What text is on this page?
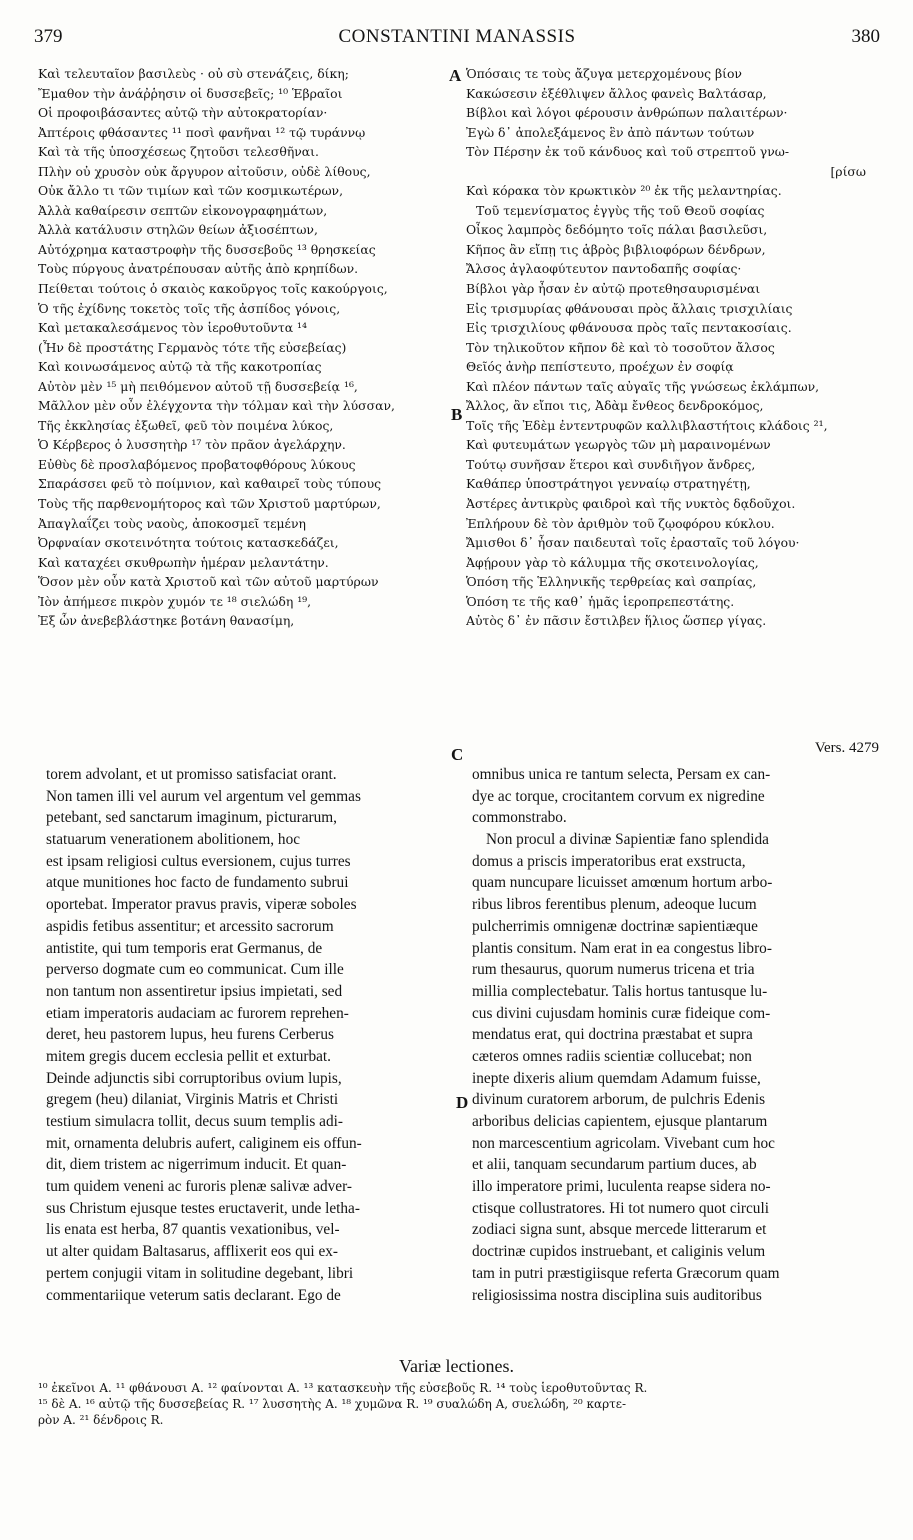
379	CONSTANTINI MANASSIS	380
A
B
C
D
Καὶ τελευταῖον βασιλεὺς · οὐ σὺ στενάζεις, δίκη;
Ἔμαθον τὴν ἀνάῤῥησιν οἱ δυσσεβεῖς; ¹⁰ Ἑβραῖοι
Οἱ προφοιβάσαντες αὐτῷ τὴν αὐτοκρατορίαν·
Ἀπτέροις φθάσαντες ¹¹ ποσὶ φανῆναι ¹² τῷ τυράννῳ
Καὶ τὰ τῆς ὑποσχέσεως ζητοῦσι τελεσθῆναι.
Πλὴν οὐ χρυσὸν οὐκ ἄργυρον αἰτοῦσιν, οὐδὲ λίθους,
Οὐκ ἄλλο τι τῶν τιμίων καὶ τῶν κοσμικωτέρων,
Ἀλλὰ καθαίρεσιν σεπτῶν εἰκονογραφημάτων,
Ἀλλὰ κατάλυσιν στηλῶν θείων ἀξιοσέπτων,
Αὐτόχρημα καταστροφὴν τῆς δυσσεβοῦς ¹³ θρησκείας
Τοὺς πύργους ἀνατρέπουσαν αὐτῆς ἀπὸ κρηπίδων.
Πείθεται τούτοις ὁ σκαιὸς κακοῦργος τοῖς κακούργοις,
Ὁ τῆς ἐχίδνης τοκετὸς τοῖς τῆς ἀσπίδος γόνοις,
Καὶ μετακαλεσάμενος τὸν ἱεροθυτοῦντα ¹⁴
(Ἦν δὲ προστάτης Γερμανὸς τότε τῆς εὐσεβείας)
Καὶ κοινωσάμενος αὐτῷ τὰ τῆς κακοτροπίας
Αὐτὸν μὲν ¹⁵ μὴ πειθόμενον αὐτοῦ τῇ δυσσεβείᾳ ¹⁶,
Μᾶλλον μὲν οὖν ἐλέγχοντα τὴν τόλμαν καὶ τὴν λύσσαν,
Τῆς ἐκκλησίας ἐξωθεῖ, φεῦ τὸν ποιμένα λύκος,
Ὁ Κέρβερος ὁ λυσσητὴρ ¹⁷ τὸν πρᾶον ἀγελάρχην.
Εὐθὺς δὲ προσλαβόμενος προβατοφθόρους λύκους
Σπαράσσει φεῦ τὸ ποίμνιον, καὶ καθαιρεῖ τοὺς τύπους
Τοὺς τῆς παρθενομήτορος καὶ τῶν Χριστοῦ μαρτύρων,
Ἀπαγλαΐζει τοὺς ναοὺς, ἀποκοσμεῖ τεμένη
Ὀρφναίαν σκοτεινότητα τούτοις κατασκεδάζει,
Καὶ καταχέει σκυθρωπὴν ἡμέραν μελαντάτην.
Ὅσον μὲν οὖν κατὰ Χριστοῦ καὶ τῶν αὐτοῦ μαρτύρων
Ἰὸν ἀπήμεσε πικρὸν χυμόν τε ¹⁸ σιελώδη ¹⁹,
Ἐξ ὧν ἀνεβεβλάστηκε βοτάνη θανασίμη,
Ὁπόσαις τε τοὺς ἄζυγα μετερχομένους βίον
Κακώσεσιν ἐξέθλιψεν ἄλλος φανεὶς Βαλτάσαρ,
Βίβλοι καὶ λόγοι φέρουσιν ἀνθρώπων παλαιτέρων·
Ἐγὼ δ᾽ ἀπολεξάμενος ἓν ἀπὸ πάντων τούτων
Τὸν Πέρσην ἐκ τοῦ κάνδυος καὶ τοῦ στρεπτοῦ γνω-
[ρίσω
Καὶ κόρακα τὸν κρωκτικὸν ²⁰ ἐκ τῆς μελαντηρίας.
Τοῦ τεμενίσματος ἐγγὺς τῆς τοῦ Θεοῦ σοφίας
Οἶκος λαμπρὸς δεδόμητο τοῖς πάλαι βασιλεῦσι,
Κῆπος ἂν εἴπῃ τις ἁβρὸς βιβλιοφόρων δένδρων,
Ἄλσος ἀγλαοφύτευτον παντοδαπῆς σοφίας·
Βίβλοι γὰρ ἦσαν ἐν αὐτῷ προτεθησαυρισμέναι
Εἰς τρισμυρίας φθάνουσαι πρὸς ἄλλαις τρισχιλίαις
Εἰς τρισχιλίους φθάνουσα πρὸς ταῖς πεντακοσίαις.
Τὸν τηλικοῦτον κῆπον δὲ καὶ τὸ τοσοῦτον ἄλσος
Θεῖός ἀνὴρ πεπίστευτο, προέχων ἐν σοφίᾳ
Καὶ πλέον πάντων ταῖς αὐγαῖς τῆς γνώσεως ἐκλάμπων,
Ἄλλος, ἂν εἴποι τις, Ἀδὰμ ἔνθεος δενδροκόμος,
Τοῖς τῆς Ἐδὲμ ἐντεντρυφῶν καλλιβλαστήτοις κλάδοις ²¹,
Καὶ φυτευμάτων γεωργὸς τῶν μὴ μαραινομένων
Τούτῳ συνῆσαν ἕτεροι καὶ συνδιῆγον ἄνδρες,
Καθάπερ ὑποστράτηγοι γενναίῳ στρατηγέτῃ,
Ἀστέρες ἀντικρὺς φαιδροὶ καὶ τῆς νυκτὸς δᾳδοῦχοι.
Ἐπλήρουν δὲ τὸν ἀριθμὸν τοῦ ζῳοφόρου κύκλου.
Ἄμισθοι δ᾽ ἦσαν παιδευταὶ τοῖς ἐρασταῖς τοῦ λόγου·
Ἀφῄρουν γὰρ τὸ κάλυμμα τῆς σκοτεινολογίας,
Ὁπόση τῆς Ἑλληνικῆς τερθρείας καὶ σαπρίας,
Ὁπόση τε τῆς καθ᾽ ἡμᾶς ἱεροπρεπεστάτης.
Αὐτὸς δ᾽ ἐν πᾶσιν ἔστιλβεν ἥλιος ὥσπερ γίγας.
Vers. 4279
torem advolant, et ut promisso satisfaciat orant.
Non tamen illi vel aurum vel argentum vel gemmas
petebant, sed sanctarum imaginum, picturarum,
statuarum venerationem abolitionem, hoc
est ipsam religiosi cultus eversionem, cujus turres
atque munitiones hoc facto de fundamento subrui
oportebat. Imperator pravus pravis, viperæ soboles
aspidis fetibus assentitur; et arcessito sacrorum
antistite, qui tum temporis erat Germanus, de
perverso dogmate cum eo communicat. Cum ille
non tantum non assentiretur ipsius impietati, sed
etiam imperatoris audaciam ac furorem reprehen-
deret, heu pastorem lupus, heu furens Cerberus
mitem gregis ducem ecclesia pellit et exturbat.
Deinde adjunctis sibi corruptoribus ovium lupis,
gregem (heu) dilaniat, Virginis Matris et Christi
testium simulacra tollit, decus suum templis adi-
mit, ornamenta delubris aufert, caliginem eis offun-
dit, diem tristem ac nigerrimum inducit. Et quan-
tum quidem veneni ac furoris plenæ salivæ adver-
sus Christum ejusque testes eructaverit, unde letha-
lis enata est herba, 87 quantis vexationibus, vel-
ut alter quidam Baltasarus, afflixerit eos qui ex-
pertem conjugii vitam in solitudine degebant, libri
commentariique veterum satis declarant. Ego de
omnibus unica re tantum selecta, Persam ex can-
dye ac torque, crocitantem corvum ex nigredine
commonstrabo.
Non procul a divinæ Sapientiæ fano splendida
domus a priscis imperatoribus erat exstructa,
quam nuncupare licuisset amœnum hortum arbo-
ribus libros ferentibus plenum, adeoque lucum
pulcherrimis omnigenæ doctrinæ sapientiæque
plantis consitum. Nam erat in ea congestus libro-
rum thesaurus, quorum numerus tricena et tria
millia complectebatur. Talis hortus tantusque lu-
cus divini cujusdam hominis curæ fideique com-
mendatus erat, qui doctrina præstabat et supra
cæteros omnes radiis scientiæ collucebat; non
inepte dixeris alium quemdam Adamum fuisse,
divinum curatorem arborum, de pulchris Edenis
arboribus delicias capientem, ejusque plantarum
non marcescentium agricolam. Vivebant cum hoc
et alii, tanquam secundarum partium duces, ab
illo imperatore primi, luculenta reapse sidera no-
ctisque collustratores. Hi tot numero quot circuli
zodiaci signa sunt, absque mercede litterarum et
doctrinæ cupidos instruebant, et caliginis velum
tam in putri præstigiisque referta Græcorum quam
religiosissima nostra disciplina suis auditoribus
Variæ lectiones.
¹⁰ ἐκεῖνοι A. ¹¹ φθάνουσι A. ¹² φαίνονται A. ¹³ κατασκευὴν τῆς εὐσεβοῦς R. ¹⁴ τοὺς ἱεροθυτοῦντας R.
¹⁵ δὲ A. ¹⁶ αὐτῷ τῆς δυσσεβείας R. ¹⁷ λυσσητὴς A. ¹⁸ χυμῶνα R. ¹⁹ συαλώδη A, συελώδη, ²⁰ καρτε-
ρὸν A. ²¹ δένδροις R.
